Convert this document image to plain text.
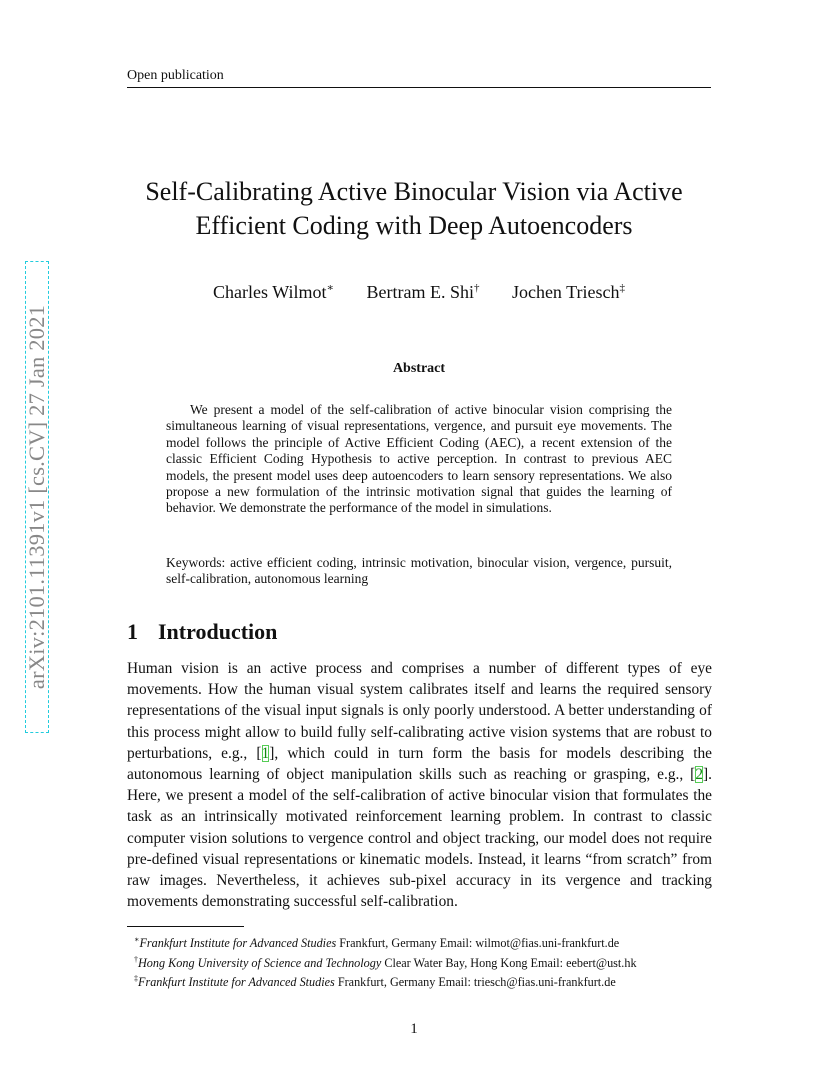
Open publication
arXiv:2101.11391v1 [cs.CV] 27 Jan 2021
Self-Calibrating Active Binocular Vision via Active
Efficient Coding with Deep Autoencoders
Charles Wilmot∗ Bertram E. Shi† Jochen Triesch‡
Abstract

We present a model of the self-calibration of active binocular vision comprising the simultaneous learning of visual representations, vergence, and pursuit eye movements. The model follows the principle of Active Efficient Coding (AEC), a recent extension of the classic Efficient Coding Hypothesis to active perception. In contrast to previous AEC models, the present model uses deep autoencoders to learn sensory representations. We also propose a new formulation of the intrinsic motivation signal that guides the learning of behavior. We demonstrate the performance of the model in simulations.

Keywords: active efficient coding, intrinsic motivation, binocular vision, vergence, pursuit, self-calibration, autonomous learning

1 Introduction

Human vision is an active process and comprises a number of different types of eye movements. How the human visual system calibrates itself and learns the required sensory representations of the visual input signals is only poorly understood. A better understanding of this process might allow to build fully self-calibrating active vision systems that are robust to perturbations, e.g., [1], which could in turn form the basis for models describing the autonomous learning of object manipulation skills such as reaching or grasping, e.g., [2]. Here, we present a model of the self-calibration of active binocular vision that formulates the task as an intrinsically motivated reinforcement learning problem. In contrast to classic computer vision solutions to vergence control and object tracking, our model does not require pre-defined visual representations or kinematic models. Instead, it learns “from scratch” from raw images. Nevertheless, it achieves sub-pixel accuracy in its vergence and tracking movements demonstrating successful self-calibration.

∗Frankfurt Institute for Advanced Studies Frankfurt, Germany Email: wilmot@fias.uni-frankfurt.de
†Hong Kong University of Science and Technology Clear Water Bay, Hong Kong Email: eebert@ust.hk
‡Frankfurt Institute for Advanced Studies Frankfurt, Germany Email: triesch@fias.uni-frankfurt.de
1
